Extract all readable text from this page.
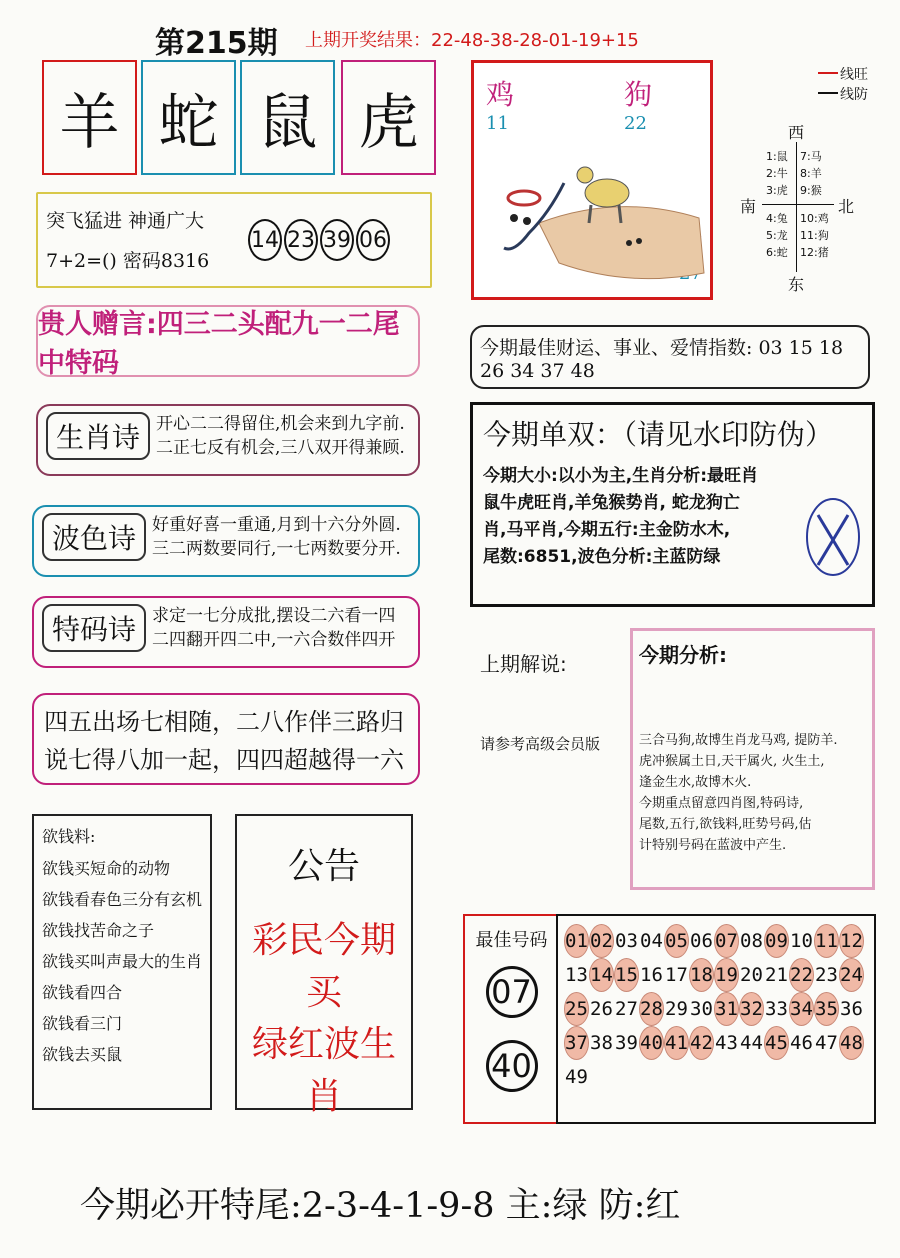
第215期 上期开奖结果：22-48-38-28-01-19+15
羊 蛇 鼠 虎
突飞猛进 神通广大
7+2=() 密码8316
14 23 39 06
贵人赠言:四三二头配九一二尾中特码
生肖诗 开心二二得留住,机会来到九字前.
二正七反有机会,三八双开得兼顾.
波色诗 好重好喜一重通,月到十六分外圆.
三二两数要同行,一七两数要分开.
特码诗 求定一七分成批,摆设二六看一四
二四翻开四二中,一六合数伴四开
四五出场七相随，二八作伴三路归
说七得八加一起，四四超越得一六
欲钱料:
欲钱买短命的动物
欲钱看春色三分有玄机
欲钱找苦命之子
欲钱买叫声最大的生肖
欲钱看四合
欲钱看三门
欲钱去买鼠
公告
彩民今期买
绿红波生肖
鸡
11
狗
22
线旺
线防
西
南	北
东
1:鼠
2:牛
3:虎
4:兔
5:龙
6:蛇
7:马
8:羊
9:猴
10:鸡
11:狗
12:猪
今期最佳财运、事业、爱情指数: 03 15 18 26 34 37 48
今期单双：（请见水印防伪）
今期大小:以小为主,生肖分析:最旺肖
鼠牛虎旺肖,羊兔猴势肖, 蛇龙狗亡
肖,马平肖,今期五行:主金防水木,
尾数:6851,波色分析:主蓝防绿
上期解说:
请参考高级会员版
今期分析:
三合马狗,故博生肖龙马鸡, 提防羊.
虎冲猴属土日,天干属火, 火生土,
逢金生水,故博木火.
今期重点留意四肖图,特码诗,
尾数,五行,欲钱料,旺势号码,估
计特别号码在蓝波中产生.
最佳号码
07
40
01 02 03 04 05 06 07 08 09 10 11 12
13 14 15 16 17 18 19 20 21 22 23 24
25 26 27 28 29 30 31 32 33 34 35 36
37 38 39 40 41 42 43 44 45 46 47 48
49
今期必开特尾:2-3-4-1-9-8 主:绿 防:红
